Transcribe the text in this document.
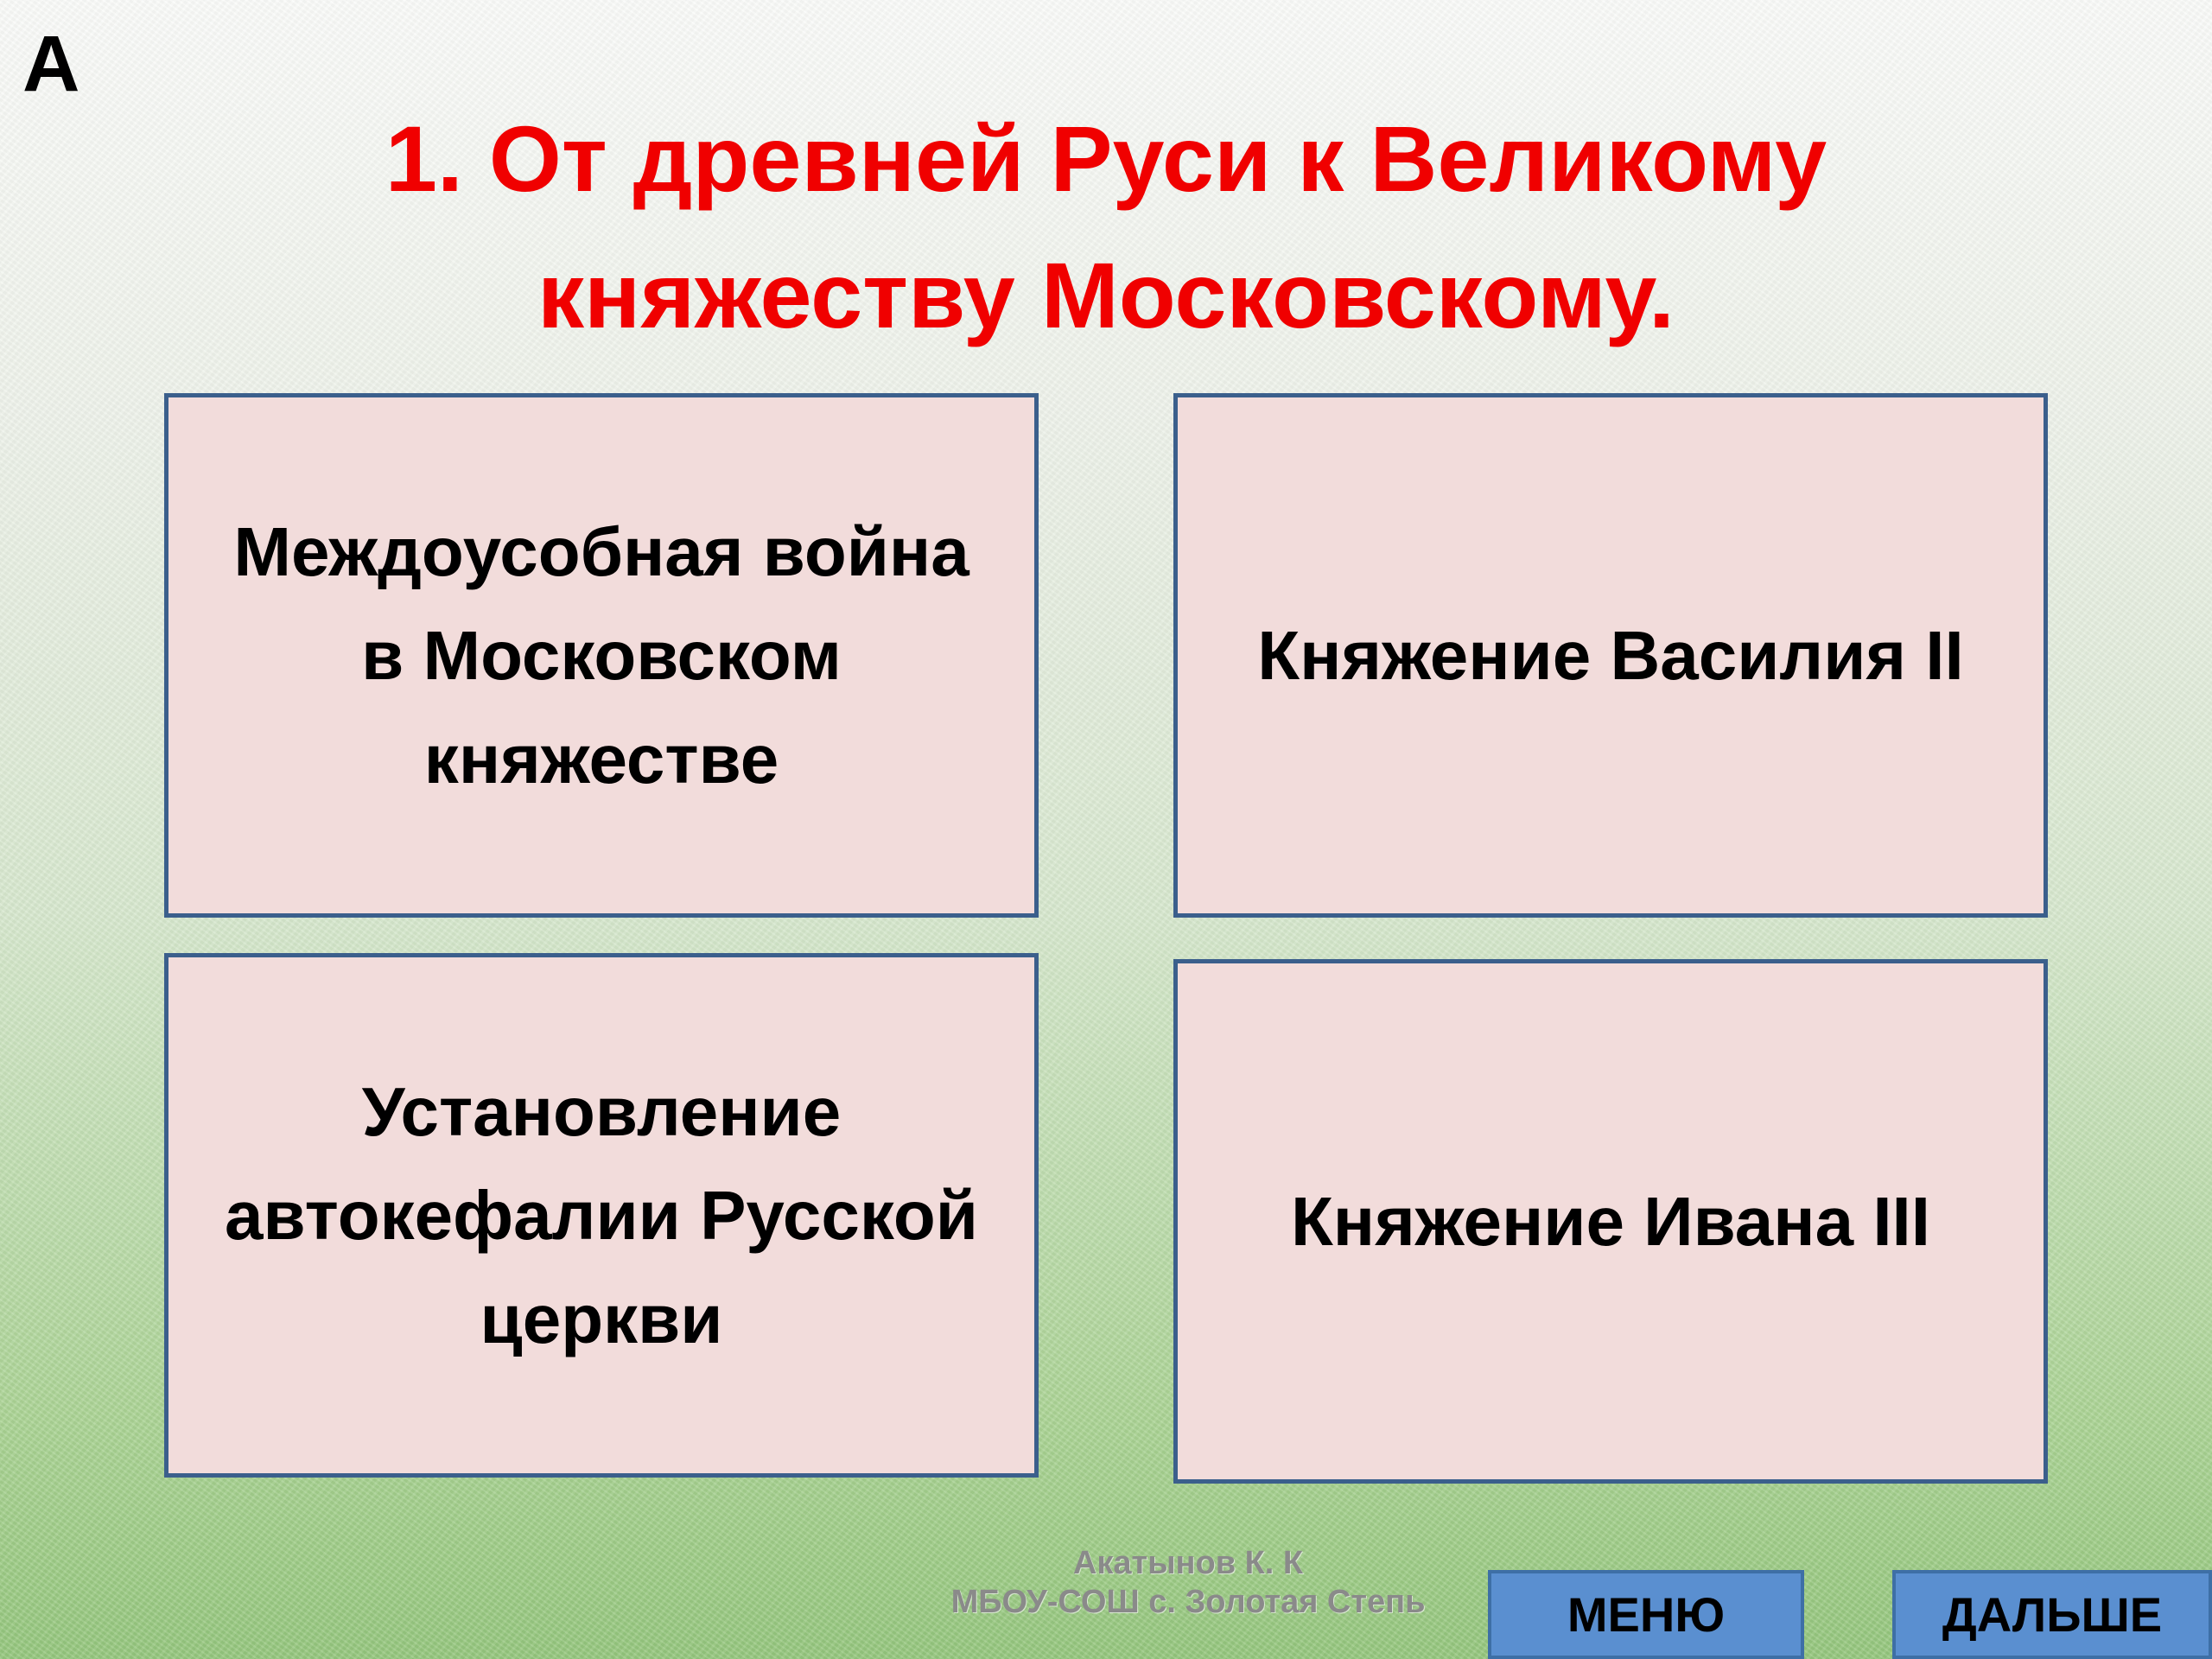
А
1. От древней Руси к Великому
княжеству Московскому.
Междоусобная война
в Московском
княжестве
Княжение Василия II
Установление
автокефалии Русской
церкви
Княжение Ивана III
Акатынов К. К
МБОУ-СОШ с. Золотая Степь	МЕНЮ	ДАЛЬШЕ
